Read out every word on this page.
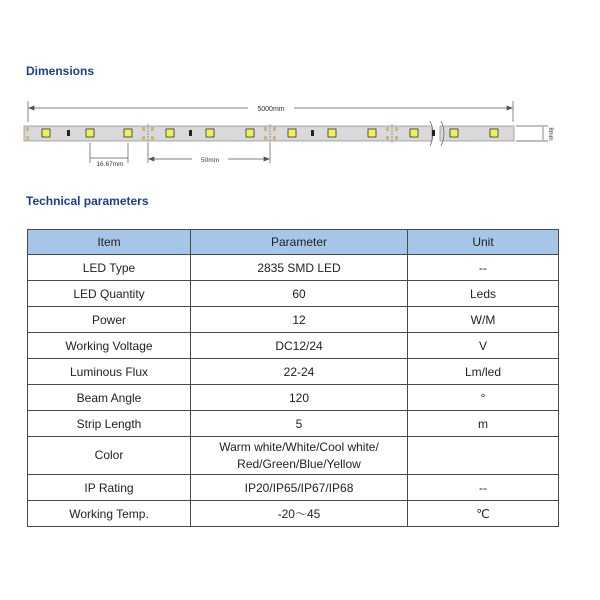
Dimensions
5000mm
8mm
16.67mm
50mm
Technical parameters
Item	Parameter	Unit
LED Type	2835 SMD LED	--
LED Quantity	60	Leds
Power	12	W/M
Working Voltage	DC12/24	V
Luminous Flux	22-24	Lm/led
Beam Angle	120	°
Strip Length	5	m
Color	Warm white/White/Cool white/
Red/Green/Blue/Yellow	

IP Rating	IP20/IP65/IP67/IP68	--
Working Temp.	-20～45	℃
